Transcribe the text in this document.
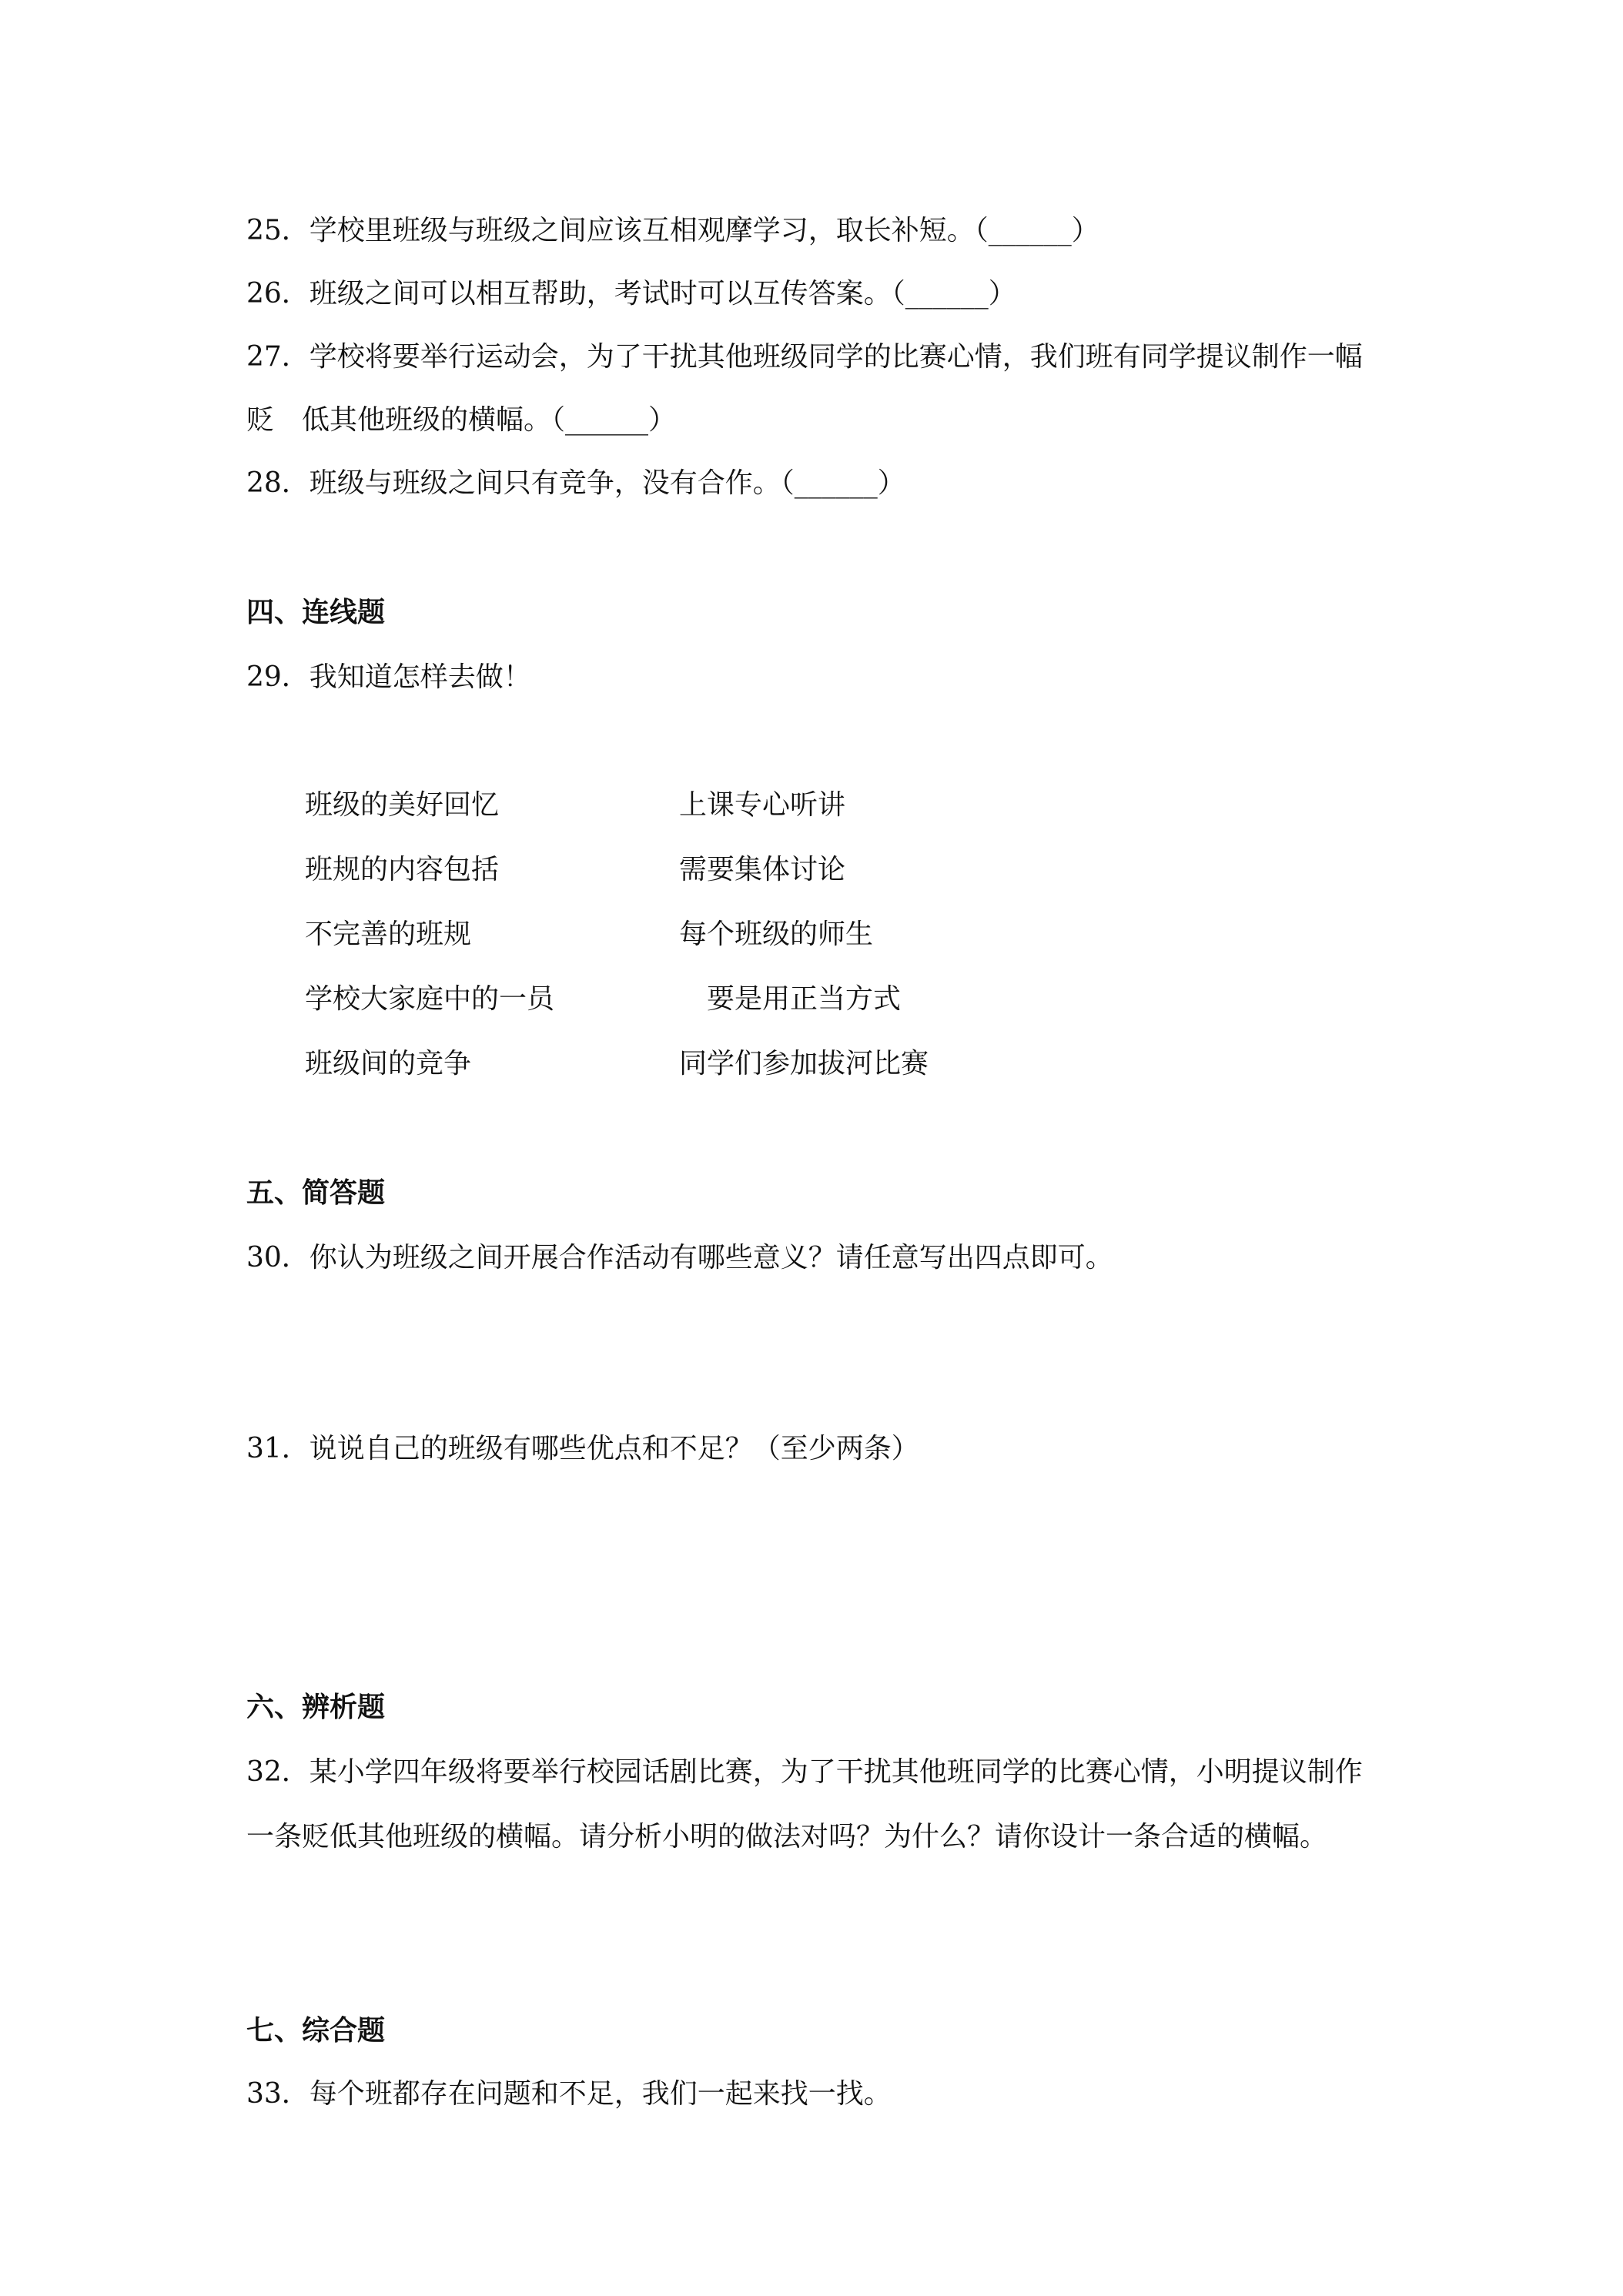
25．学校里班级与班级之间应该互相观摩学习，取长补短。（______）
26．班级之间可以相互帮助，考试时可以互传答案。（______）
27．学校将要举行运动会，为了干扰其他班级同学的比赛心情，我们班有同学提议制作一幅
贬　低其他班级的横幅。（______）
28．班级与班级之间只有竞争，没有合作。（______）
四、连线题
29．我知道怎样去做！
班级的美好回忆	上课专心听讲
班规的内容包括	需要集体讨论
不完善的班规	每个班级的师生
学校大家庭中的一员	要是用正当方式
班级间的竞争	同学们参加拔河比赛
五、简答题
30．你认为班级之间开展合作活动有哪些意义？请任意写出四点即可。
31．说说自己的班级有哪些优点和不足？（至少两条）
六、辨析题
32．某小学四年级将要举行校园话剧比赛，为了干扰其他班同学的比赛心情，小明提议制作
一条贬低其他班级的横幅。请分析小明的做法对吗？为什么？请你设计一条合适的横幅。
七、综合题
33．每个班都存在问题和不足，我们一起来找一找。
